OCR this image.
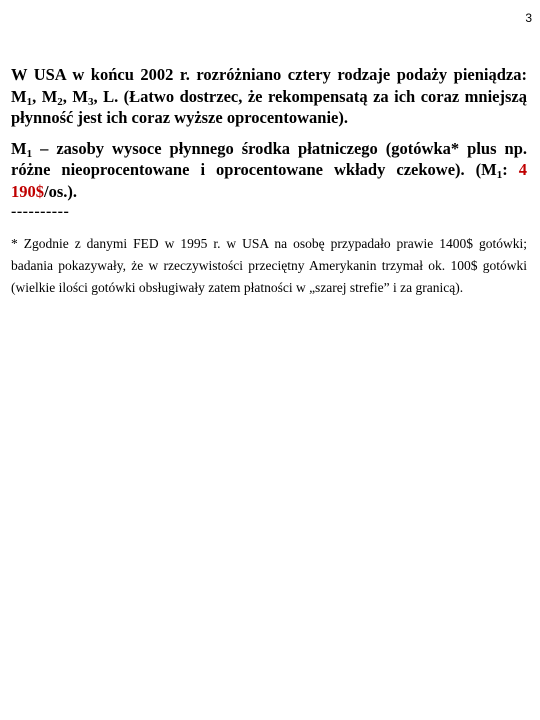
3

W USA w końcu 2002 r. rozróżniano cztery rodzaje podaży pieniądza: $M_1$, $M_2$, $M_3$, L. (Łatwo dostrzec, że rekompensatą za ich coraz mniejszą płynność jest ich coraz wyższe oprocentowanie).

$M_1$ – zasoby wysoce płynnego środka płatniczego (gotówka* plus np. różne nieoprocentowane i oprocentowane wkłady czekowe). ($M_1$: 4 190$/os.).

----------

* Zgodnie z danymi FED w 1995 r. w USA na osobę przypadało prawie 1400$ gotówki; badania pokazywały, że w rzeczywistości przeciętny Amerykanin trzymał ok. 100$ gotówki (wielkie ilości gotówki obsługiwały zatem płatności w „szarej strefie” i za granicą).
